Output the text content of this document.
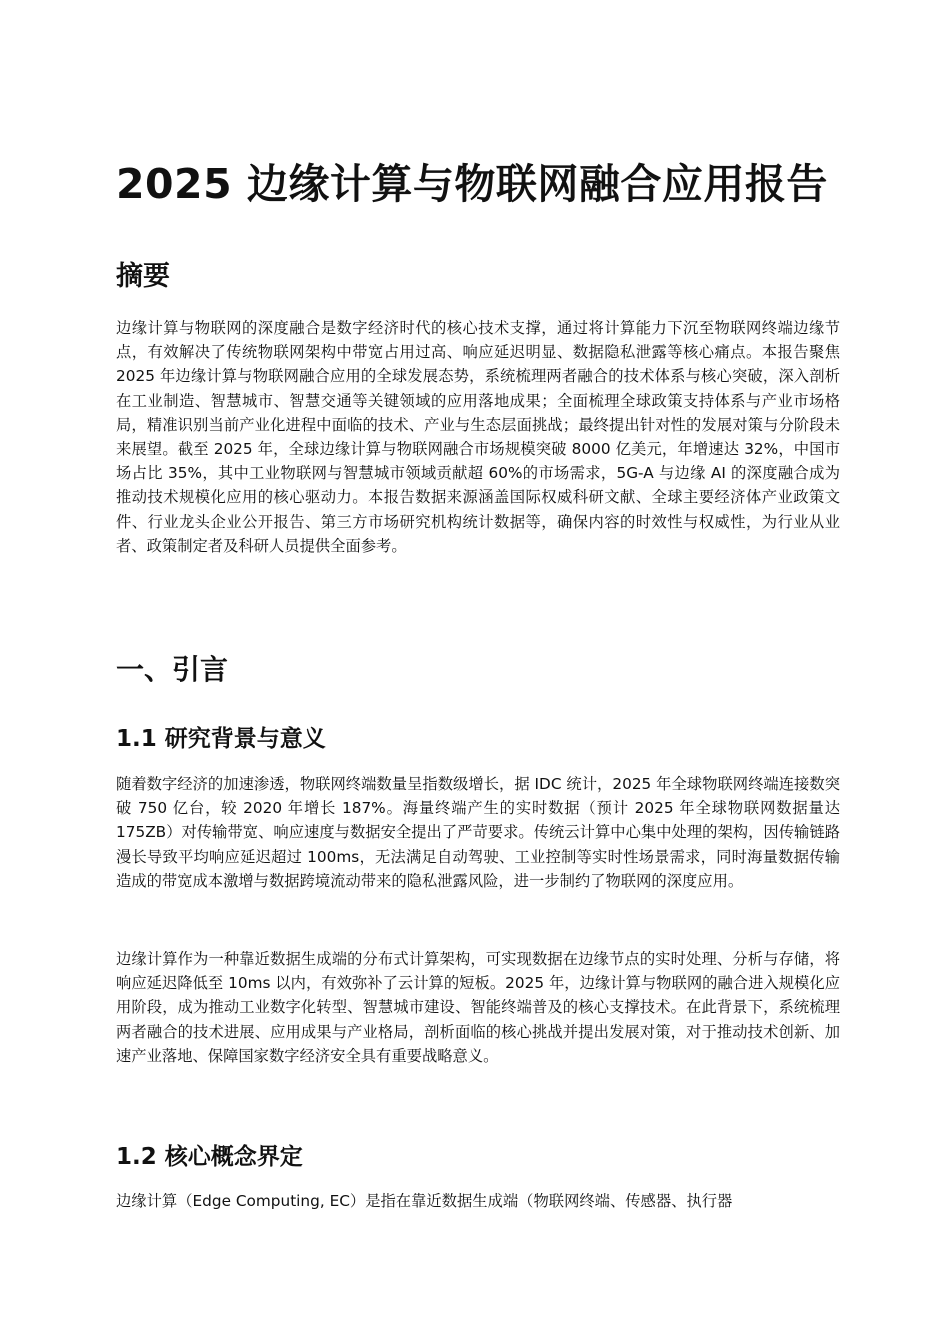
2025 边缘计算与物联网融合应用报告
摘要

边缘计算与物联网的深度融合是数字经济时代的核心技术支撑，通过将计算能力下沉至物联网终端边缘节点，有效解决了传统物联网架构中带宽占用过高、响应延迟明显、数据隐私泄露等核心痛点。本报告聚焦 2025 年边缘计算与物联网融合应用的全球发展态势，系统梳理两者融合的技术体系与核心突破，深入剖析在工业制造、智慧城市、智慧交通等关键领域的应用落地成果；全面梳理全球政策支持体系与产业市场格局，精准识别当前产业化进程中面临的技术、产业与生态层面挑战；最终提出针对性的发展对策与分阶段未来展望。截至 2025 年，全球边缘计算与物联网融合市场规模突破 8000 亿美元，年增速达 32%，中国市场占比 35%，其中工业物联网与智慧城市领域贡献超 60%的市场需求，5G-A 与边缘 AI 的深度融合成为推动技术规模化应用的核心驱动力。本报告数据来源涵盖国际权威科研文献、全球主要经济体产业政策文件、行业龙头企业公开报告、第三方市场研究机构统计数据等，确保内容的时效性与权威性，为行业从业者、政策制定者及科研人员提供全面参考。

一、引言
1.1 研究背景与意义

随着数字经济的加速渗透，物联网终端数量呈指数级增长，据 IDC 统计，2025 年全球物联网终端连接数突破 750 亿台，较 2020 年增长 187%。海量终端产生的实时数据（预计 2025 年全球物联网数据量达 175ZB）对传输带宽、响应速度与数据安全提出了严苛要求。传统云计算中心集中处理的架构，因传输链路漫长导致平均响应延迟超过 100ms，无法满足自动驾驶、工业控制等实时性场景需求，同时海量数据传输造成的带宽成本激增与数据跨境流动带来的隐私泄露风险，进一步制约了物联网的深度应用。

边缘计算作为一种靠近数据生成端的分布式计算架构，可实现数据在边缘节点的实时处理、分析与存储，将响应延迟降低至 10ms 以内，有效弥补了云计算的短板。2025 年，边缘计算与物联网的融合进入规模化应用阶段，成为推动工业数字化转型、智慧城市建设、智能终端普及的核心支撑技术。在此背景下，系统梳理两者融合的技术进展、应用成果与产业格局，剖析面临的核心挑战并提出发展对策，对于推动技术创新、加速产业落地、保障国家数字经济安全具有重要战略意义。

1.2 核心概念界定

边缘计算（Edge Computing, EC）是指在靠近数据生成端（物联网终端、传感器、执行器
